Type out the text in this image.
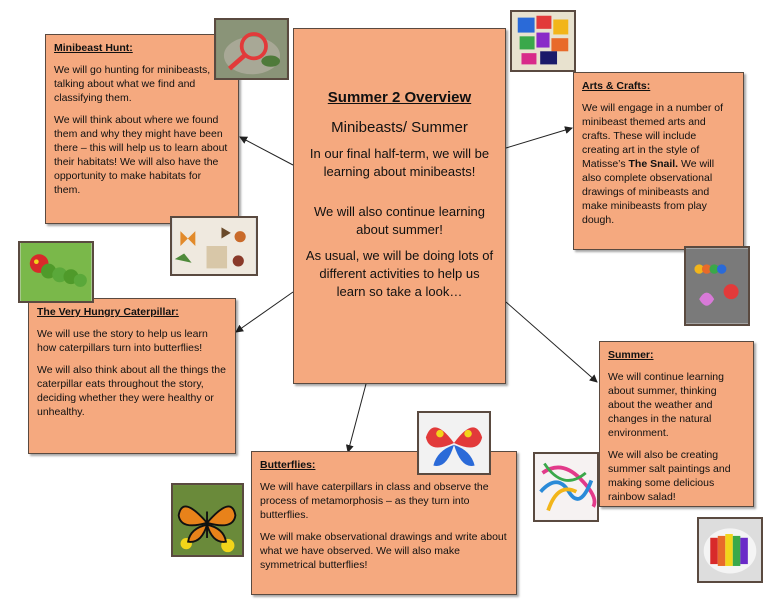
Summer 2 Overview
Minibeasts/ Summer

In our final half-term, we will be learning about minibeasts!

We will also continue learning about summer!

As usual, we will be doing lots of different activities to help us learn so take a look…

Minibeast Hunt:

We will go hunting for minibeasts, talking about what we find and classifying them.

We will think about where we found them and why they might have been there – this will help us to learn about their habitats! We will also have the opportunity to make habitats for them.

Arts & Crafts:

We will engage in a number of minibeast themed arts and crafts. These will include creating art in the style of Matisse’s The Snail. We will also complete observational drawings of minibeasts and make minibeasts from play dough.

The Very Hungry Caterpillar:

We will use the story to help us learn how caterpillars turn into butterflies!

We will also think about all the things the caterpillar eats throughout the story, deciding whether they were healthy or unhealthy.

Summer:

We will continue learning about summer, thinking about the weather and changes in the natural environment.

We will also be creating summer salt paintings and making some delicious rainbow salad!

Butterflies:

We will have caterpillars in class and observe the process of metamorphosis – as they turn into butterflies.

We will make observational drawings and write about what we have observed. We will also make symmetrical butterflies!
